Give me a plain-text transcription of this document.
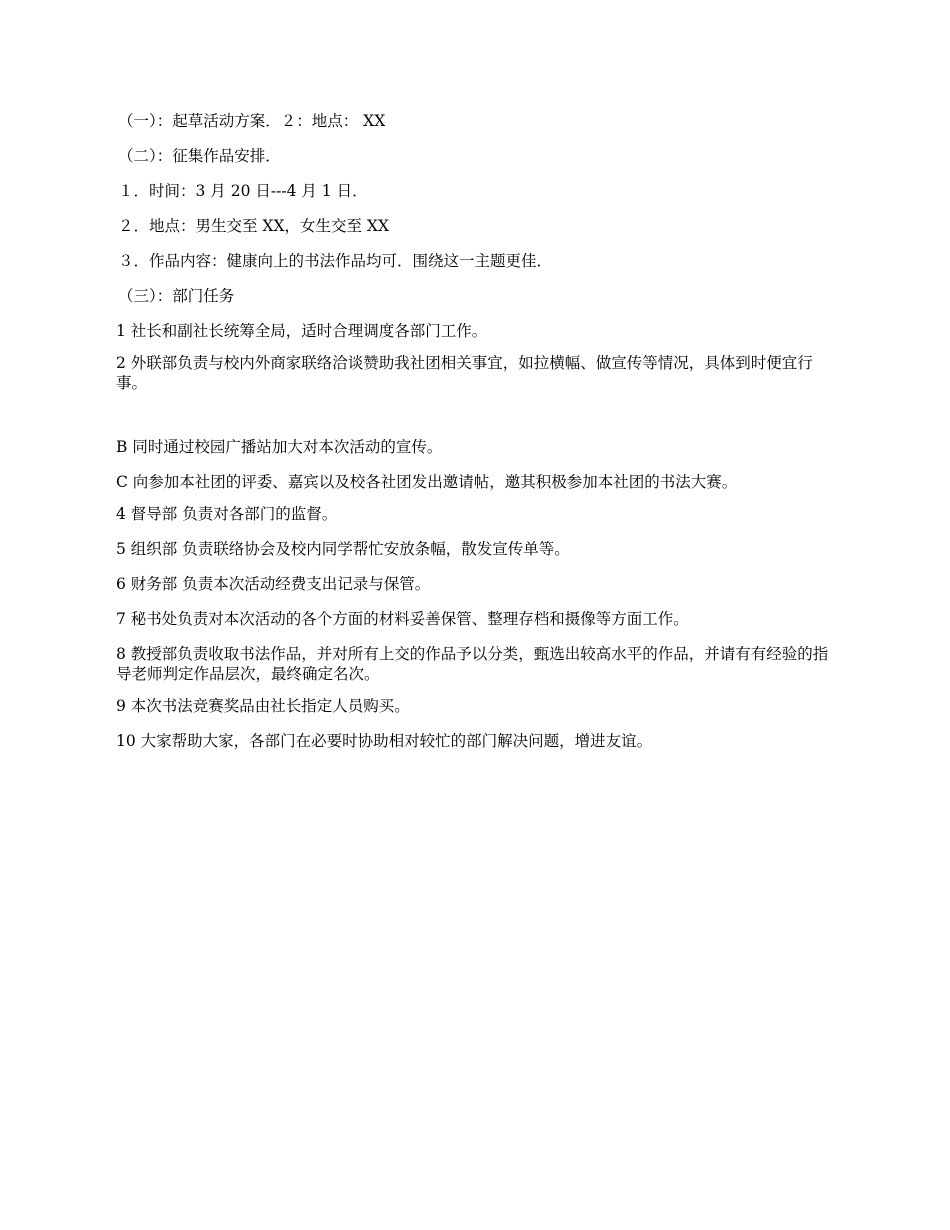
（一）：起草活动方案．２：地点： XX

（二）：征集作品安排．

１．时间：3 月 20 日---4 月 1 日．

２．地点：男生交至 XX，女生交至 XX

３．作品内容：健康向上的书法作品均可．围绕这一主题更佳．

（三）：部门任务

1 社长和副社长统筹全局，适时合理调度各部门工作。

2 外联部负责与校内外商家联络洽谈赞助我社团相关事宜，如拉横幅、做宣传等情况，具体到时便宜行事。

B 同时通过校园广播站加大对本次活动的宣传。

C 向参加本社团的评委、嘉宾以及校各社团发出邀请帖，邀其积极参加本社团的书法大赛。

4 督导部 负责对各部门的监督。

5 组织部 负责联络协会及校内同学帮忙安放条幅，散发宣传单等。

6 财务部 负责本次活动经费支出记录与保管。

7 秘书处负责对本次活动的各个方面的材料妥善保管、整理存档和摄像等方面工作。

8 教授部负责收取书法作品，并对所有上交的作品予以分类，甄选出较高水平的作品，并请有有经验的指导老师判定作品层次，最终确定名次。

9 本次书法竞赛奖品由社长指定人员购买。

10 大家帮助大家，各部门在必要时协助相对较忙的部门解决问题，增进友谊。
